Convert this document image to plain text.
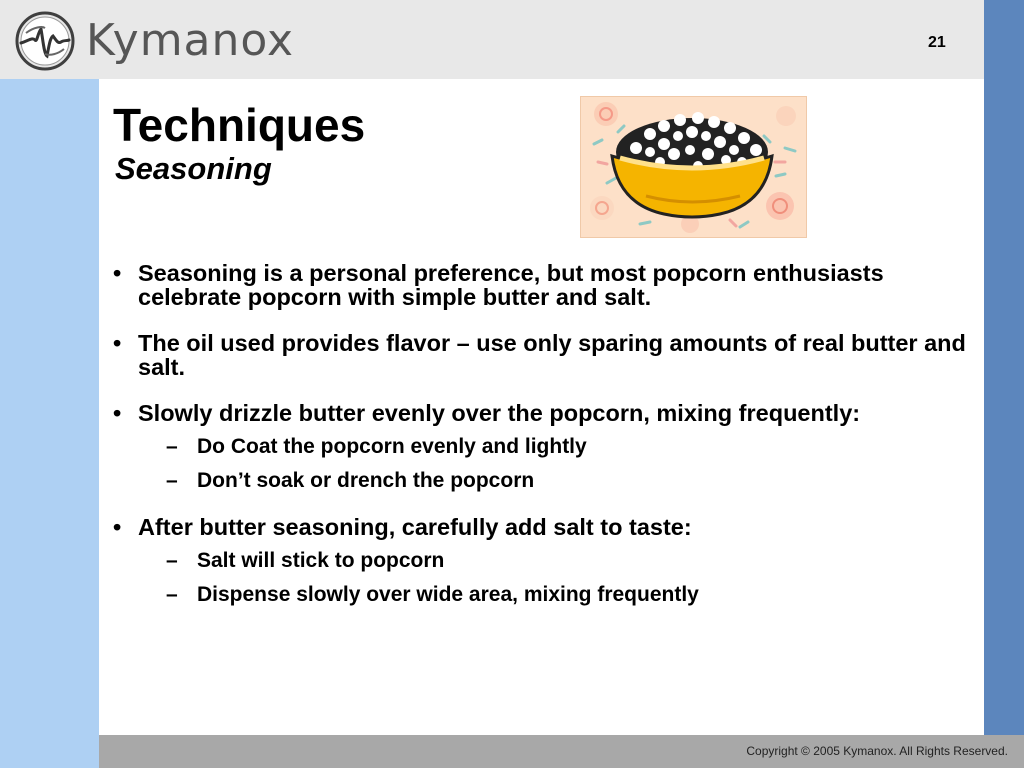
Kymanox	21
Techniques
Seasoning
• Seasoning is a personal preference, but most popcorn enthusiasts celebrate popcorn with simple butter and salt.
• The oil used provides flavor – use only sparing amounts of real butter and salt.
• Slowly drizzle butter evenly over the popcorn, mixing frequently:
– Do Coat the popcorn evenly and lightly
– Don’t soak or drench the popcorn
• After butter seasoning, carefully add salt to taste:
– Salt will stick to popcorn
– Dispense slowly over wide area, mixing frequently
Copyright © 2005 Kymanox. All Rights Reserved.
